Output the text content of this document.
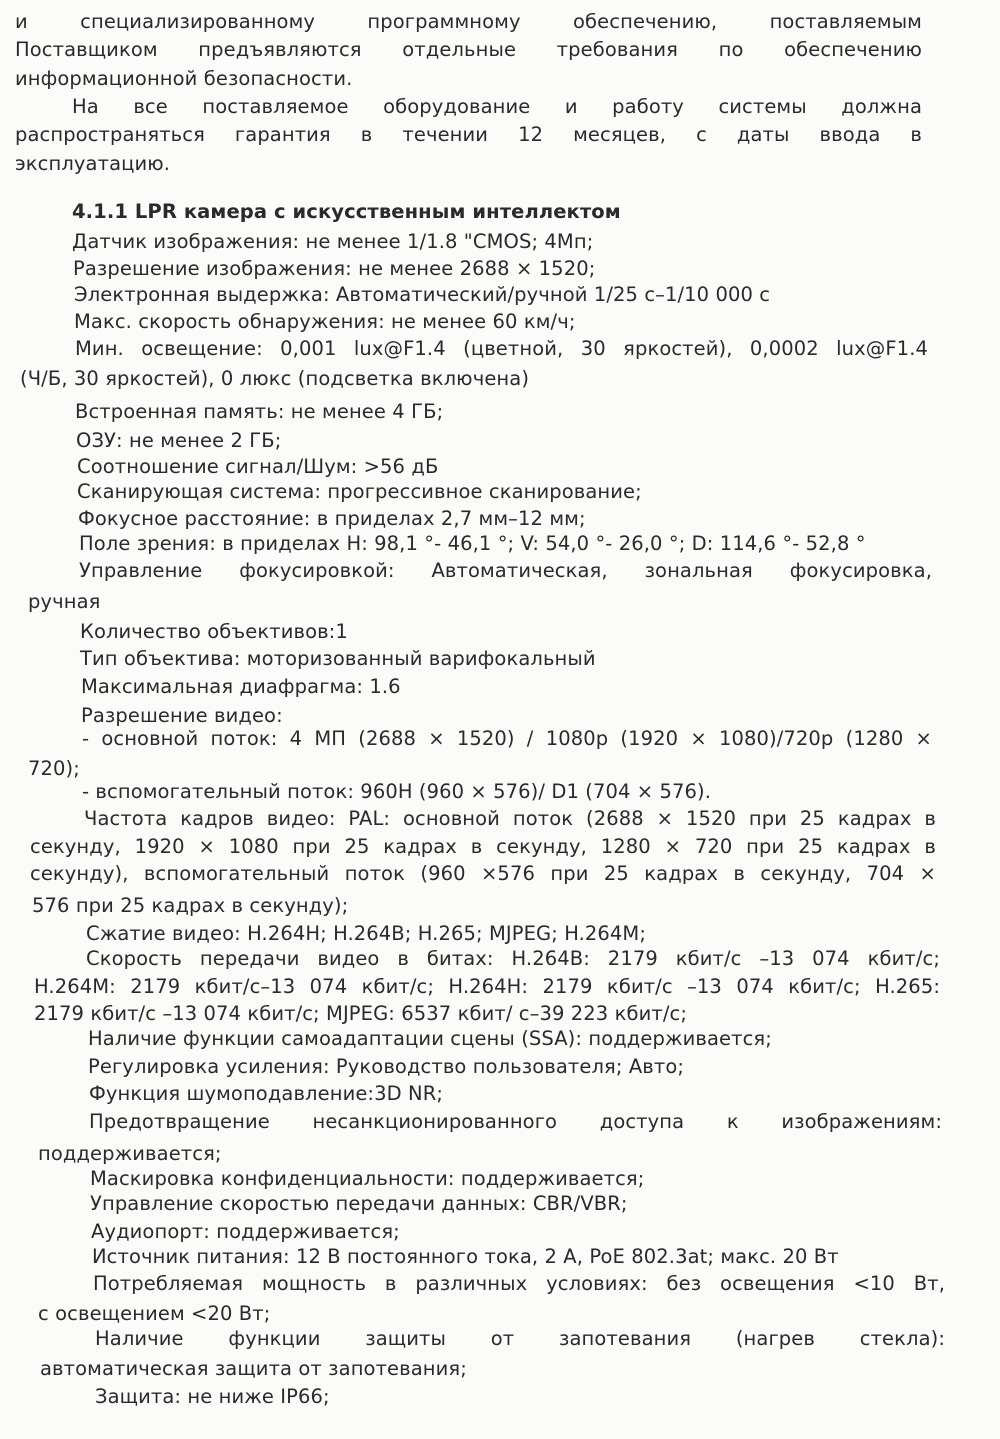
и специализированному программному обеспечению, поставляемым
Поставщиком предъявляются отдельные требования по обеспечению
информационной безопасности.
На все поставляемое оборудование и работу системы должна
распространяться гарантия в течении 12 месяцев, с даты ввода в
эксплуатацию.
4.1.1 LPR камера с искусственным интеллектом
Датчик изображения: не менее 1/1.8 "CMOS; 4Мп;
Разрешение изображения: не менее 2688 × 1520;
Электронная выдержка: Автоматический/ручной 1/25 с–1/10 000 с
Макс. скорость обнаружения: не менее 60 км/ч;
Мин. освещение: 0,001 lux@F1.4 (цветной, 30 яркостей), 0,0002 lux@F1.4
(Ч/Б, 30 яркостей), 0 люкс (подсветка включена)
Встроенная память: не менее 4 ГБ;
ОЗУ: не менее 2 ГБ;
Соотношение сигнал/Шум: >56 дБ
Сканирующая система: прогрессивное сканирование;
Фокусное расстояние: в приделах 2,7 мм–12 мм;
Поле зрения: в приделах H: 98,1 °- 46,1 °; V: 54,0 °- 26,0 °; D: 114,6 °- 52,8 °
Управление фокусировкой: Автоматическая, зональная фокусировка,
ручная
Количество объективов:1
Тип объектива: моторизованный варифокальный
Максимальная диафрагма: 1.6
Разрешение видео:
- основной поток: 4 МП (2688 × 1520) / 1080p (1920 × 1080)/720p (1280 ×
720);
- вспомогательный поток: 960H (960 × 576)/ D1 (704 × 576).
Частота кадров видео: PAL: основной поток (2688 × 1520 при 25 кадрах в
секунду, 1920 × 1080 при 25 кадрах в секунду, 1280 × 720 при 25 кадрах в
секунду), вспомогательный поток (960 ×576 при 25 кадрах в секунду, 704 ×
576 при 25 кадрах в секунду);
Сжатие видео: H.264H; H.264B; H.265; MJPEG; H.264M;
Скорость передачи видео в битах: H.264B: 2179 кбит/с –13 074 кбит/с;
H.264M: 2179 кбит/с–13 074 кбит/с; H.264H: 2179 кбит/с –13 074 кбит/с; H.265:
2179 кбит/с –13 074 кбит/с; MJPEG: 6537 кбит/ с–39 223 кбит/с;
Наличие функции самоадаптации сцены (SSA): поддерживается;
Регулировка усиления: Руководство пользователя; Авто;
Функция шумоподавление:3D NR;
Предотвращение несанкционированного доступа к изображениям:
поддерживается;
Маскировка конфиденциальности: поддерживается;
Управление скоростью передачи данных: CBR/VBR;
Аудиопорт: поддерживается;
Источник питания: 12 В постоянного тока, 2 А, PoE 802.3at; макс. 20 Вт
Потребляемая мощность в различных условиях: без освещения <10 Вт,
с освещением <20 Вт;
Наличие функции защиты от запотевания (нагрев стекла):
автоматическая защита от запотевания;
Защита: не ниже IP66;
